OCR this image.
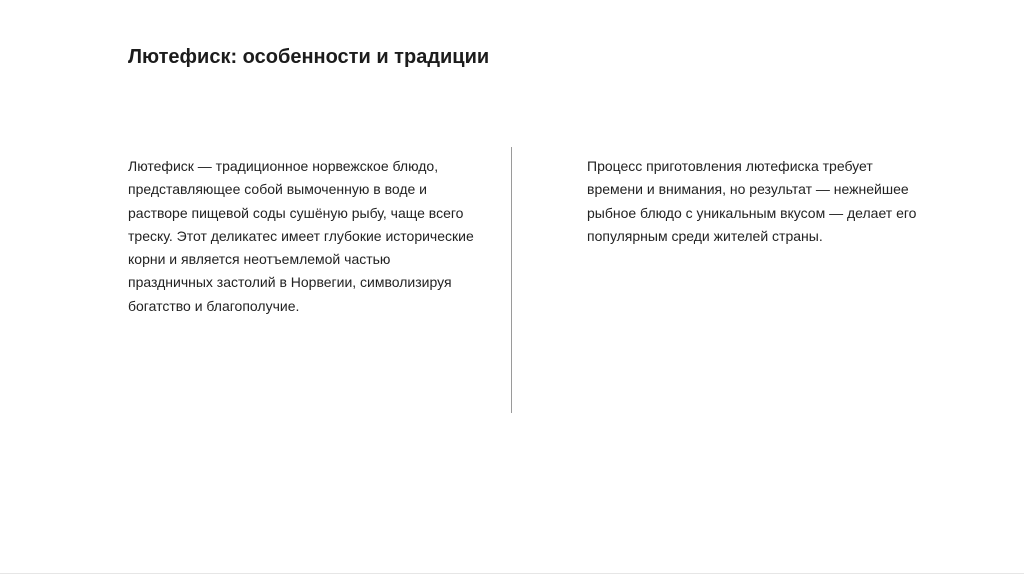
Лютефиск: особенности и традиции

Лютефиск — традиционное норвежское блюдо, представляющее собой вымоченную в воде и растворе пищевой соды сушёную рыбу, чаще всего треску. Этот деликатес имеет глубокие исторические корни и является неотъемлемой частью праздничных застолий в Норвегии, символизируя богатство и благополучие.

Процесс приготовления лютефиска требует времени и внимания, но результат — нежнейшее рыбное блюдо с уникальным вкусом — делает его популярным среди жителей страны.
